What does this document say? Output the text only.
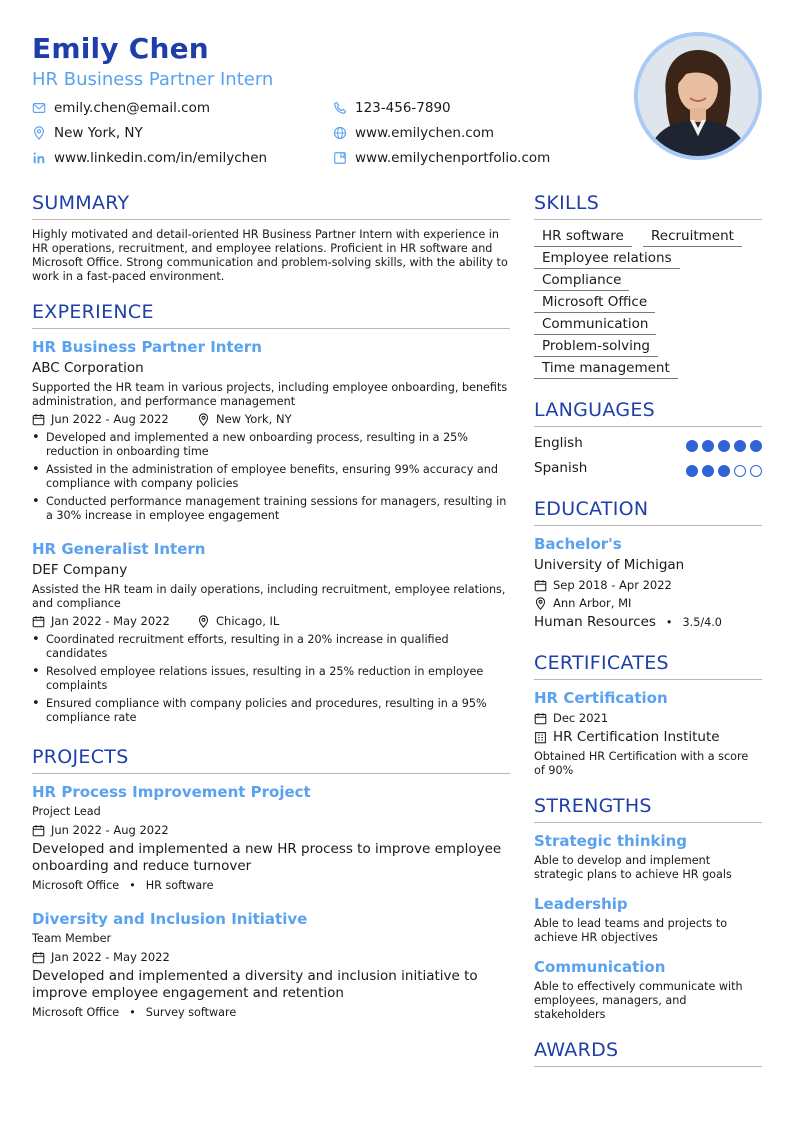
Emily Chen
HR Business Partner Intern
emily.chen@email.com	123-456-7890
New York, NY	www.emilychen.com
www.linkedin.com/in/emilychen	www.emilychenportfolio.com
SUMMARY
Highly motivated and detail-oriented HR Business Partner Intern with experience in HR operations, recruitment, and employee relations. Proficient in HR software and Microsoft Office. Strong communication and problem-solving skills, with the ability to work in a fast-paced environment.
EXPERIENCE
HR Business Partner Intern
ABC Corporation
Supported the HR team in various projects, including employee onboarding, benefits administration, and performance management
Jun 2022 - Aug 2022	New York, NY
• Developed and implemented a new onboarding process, resulting in a 25% reduction in onboarding time
• Assisted in the administration of employee benefits, ensuring 99% accuracy and compliance with company policies
• Conducted performance management training sessions for managers, resulting in a 30% increase in employee engagement
HR Generalist Intern
DEF Company
Assisted the HR team in daily operations, including recruitment, employee relations, and compliance
Jan 2022 - May 2022	Chicago, IL
• Coordinated recruitment efforts, resulting in a 20% increase in qualified candidates
• Resolved employee relations issues, resulting in a 25% reduction in employee complaints
• Ensured compliance with company policies and procedures, resulting in a 95% compliance rate
PROJECTS
HR Process Improvement Project
Project Lead
Jun 2022 - Aug 2022
Developed and implemented a new HR process to improve employee onboarding and reduce turnover
Microsoft Office • HR software
Diversity and Inclusion Initiative
Team Member
Jan 2022 - May 2022
Developed and implemented a diversity and inclusion initiative to improve employee engagement and retention
Microsoft Office • Survey software
SKILLS
HR software	Recruitment
Employee relations
Compliance
Microsoft Office
Communication
Problem-solving
Time management
LANGUAGES
English
Spanish
EDUCATION
Bachelor's
University of Michigan
Sep 2018 - Apr 2022
Ann Arbor, MI
Human Resources • 3.5/4.0
CERTIFICATES
HR Certification
Dec 2021
HR Certification Institute
Obtained HR Certification with a score of 90%
STRENGTHS
Strategic thinking
Able to develop and implement strategic plans to achieve HR goals
Leadership
Able to lead teams and projects to achieve HR objectives
Communication
Able to effectively communicate with employees, managers, and stakeholders
AWARDS
